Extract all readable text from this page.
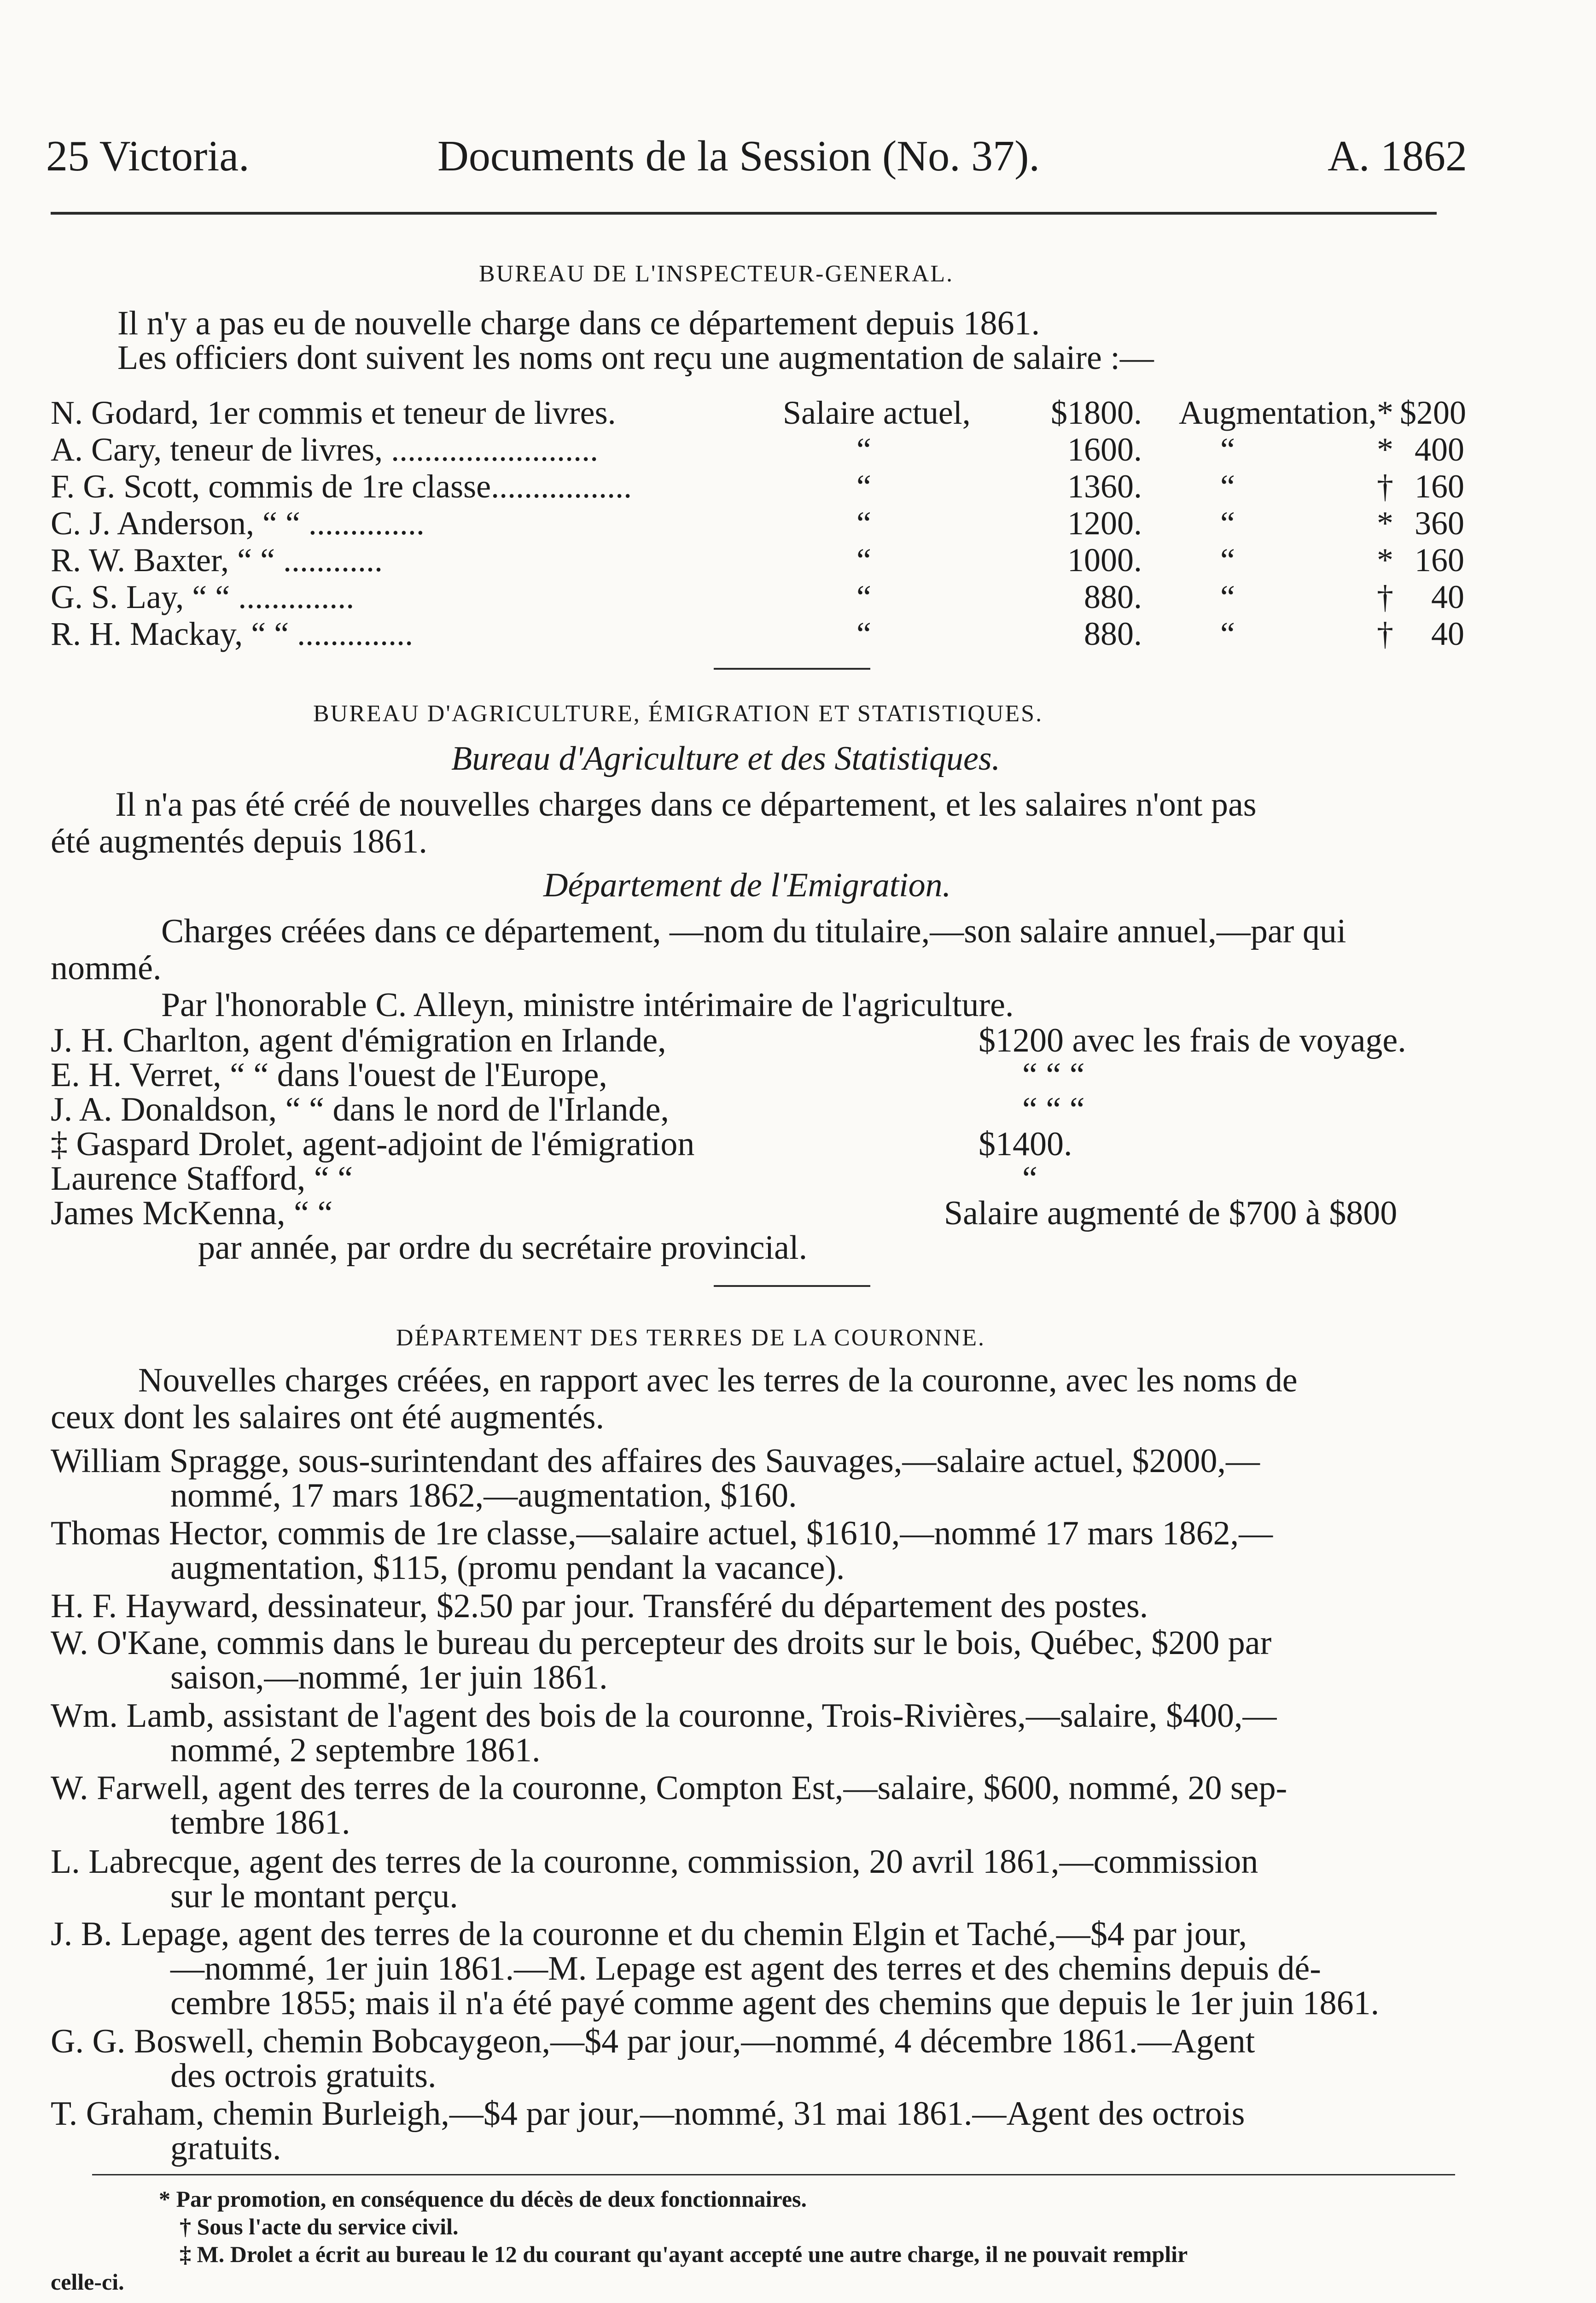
25 Victoria.	Documents de la Session (No. 37).	A. 1862
BUREAU DE L'INSPECTEUR-GENERAL.
Il n'y a pas eu de nouvelle charge dans ce département depuis 1861.
Les officiers dont suivent les noms ont reçu une augmentation de salaire :—
N. Godard, 1er commis et teneur de livres.	Salaire actuel,	$1800. Augmentation, * $200
A. Cary, teneur de livres, .........................	“	1600. “	* 400
F. G. Scott, commis de 1re classe.................	“	1360. “	† 160
C. J. Anderson, “ “ ..............	“	1200. “	* 360
R. W. Baxter, “ “ ............	“	1000. “	* 160
G. S. Lay, “ “ ..............	“	880. “	†	40
R. H. Mackay, “ “ ..............	“	880. “	†	40
BUREAU D'AGRICULTURE, ÉMIGRATION ET STATISTIQUES.
Bureau d'Agriculture et des Statistiques.
Il n'a pas été créé de nouvelles charges dans ce département, et les salaires n'ont pas
été augmentés depuis 1861.
Département de l'Emigration.
Charges créées dans ce département, —nom du titulaire,—son salaire annuel,—par qui
nommé.
Par l'honorable C. Alleyn, ministre intérimaire de l'agriculture.
J. H. Charlton, agent d'émigration en Irlande,	$1200 avec les frais de voyage.
E. H. Verret, “ “ dans l'ouest de l'Europe,	“ “ “
J. A. Donaldson, “ “ dans le nord de l'Irlande,	“ “ “
‡ Gaspard Drolet, agent-adjoint de l'émigration	$1400.
Laurence Stafford, “ “	“
James McKenna, “ “	Salaire augmenté de $700 à $800
par année, par ordre du secrétaire provincial.
DÉPARTEMENT DES TERRES DE LA COURONNE.
Nouvelles charges créées, en rapport avec les terres de la couronne, avec les noms de
ceux dont les salaires ont été augmentés.
William Spragge, sous-surintendant des affaires des Sauvages,—salaire actuel, $2000,—
nommé, 17 mars 1862,—augmentation, $160.
Thomas Hector, commis de 1re classe,—salaire actuel, $1610,—nommé 17 mars 1862,—
augmentation, $115, (promu pendant la vacance).
H. F. Hayward, dessinateur, $2.50 par jour. Transféré du département des postes.
W. O'Kane, commis dans le bureau du percepteur des droits sur le bois, Québec, $200 par
saison,—nommé, 1er juin 1861.
Wm. Lamb, assistant de l'agent des bois de la couronne, Trois-Rivières,—salaire, $400,—
nommé, 2 septembre 1861.
W. Farwell, agent des terres de la couronne, Compton Est,—salaire, $600, nommé, 20 sep-
tembre 1861.
L. Labrecque, agent des terres de la couronne, commission, 20 avril 1861,—commission
sur le montant perçu.
J. B. Lepage, agent des terres de la couronne et du chemin Elgin et Taché,—$4 par jour,
—nommé, 1er juin 1861.—M. Lepage est agent des terres et des chemins depuis dé-
cembre 1855; mais il n'a été payé comme agent des chemins que depuis le 1er juin 1861.
G. G. Boswell, chemin Bobcaygeon,—$4 par jour,—nommé, 4 décembre 1861.—Agent
des octrois gratuits.
T. Graham, chemin Burleigh,—$4 par jour,—nommé, 31 mai 1861.—Agent des octrois
gratuits.
* Par promotion, en conséquence du décès de deux fonctionnaires.
† Sous l'acte du service civil.
‡ M. Drolet a écrit au bureau le 12 du courant qu'ayant accepté une autre charge, il ne pouvait remplir
celle-ci.
